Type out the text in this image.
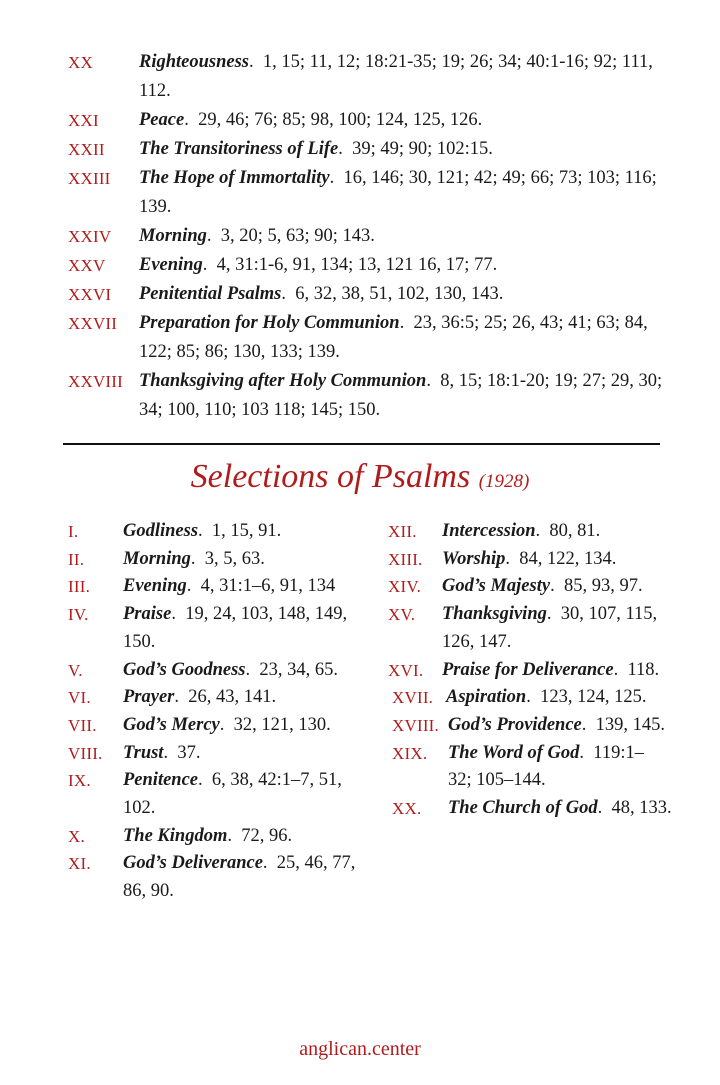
XX Righteousness.  1, 15; 11, 12; 18:21-35; 19; 26; 34; 40:1-16; 92; 111, 112.
XXI Peace.  29, 46; 76; 85; 98, 100; 124, 125, 126.
XXII The Transitoriness of Life.  39; 49; 90; 102:15.
XXIII The Hope of Immortality.  16, 146; 30, 121; 42; 49; 66; 73; 103; 116; 139.
XXIV Morning.  3, 20; 5, 63; 90; 143.
XXV Evening.  4, 31:1-6, 91, 134; 13, 121 16, 17; 77.
XXVI Penitential Psalms.  6, 32, 38, 51, 102, 130, 143.
XXVII Preparation for Holy Communion.  23, 36:5; 25; 26, 43; 41; 63; 84, 122; 85; 86; 130, 133; 139.
XXVIII Thanksgiving after Holy Communion.  8, 15; 18:1-20; 19; 27; 29, 30; 34; 100, 110; 103 118; 145; 150.
Selections of Psalms (1928)
I. Godliness.  1, 15, 91.
II. Morning.  3, 5, 63.
III. Evening.  4, 31:1–6, 91, 134
IV. Praise.  19, 24, 103, 148, 149, 150.
V. God’s Goodness.  23, 34, 65.
VI. Prayer.  26, 43, 141.
VII. God’s Mercy.  32, 121, 130.
VIII. Trust.  37.
IX. Penitence.  6, 38, 42:1–7, 51, 102.
X. The Kingdom.  72, 96.
XI. God’s Deliverance.  25, 46, 77, 86, 90.
XII. Intercession.  80, 81.
XIII. Worship.  84, 122, 134.
XIV. God’s Majesty.  85, 93, 97.
XV. Thanksgiving.  30, 107, 115, 126, 147.
XVI. Praise for Deliverance.  118.
XVII. Aspiration.  123, 124, 125.
XVIII. God’s Providence.  139, 145.
XIX. The Word of God.  119:1–32; 105–144.
XX. The Church of God.  48, 133.
anglican.center
